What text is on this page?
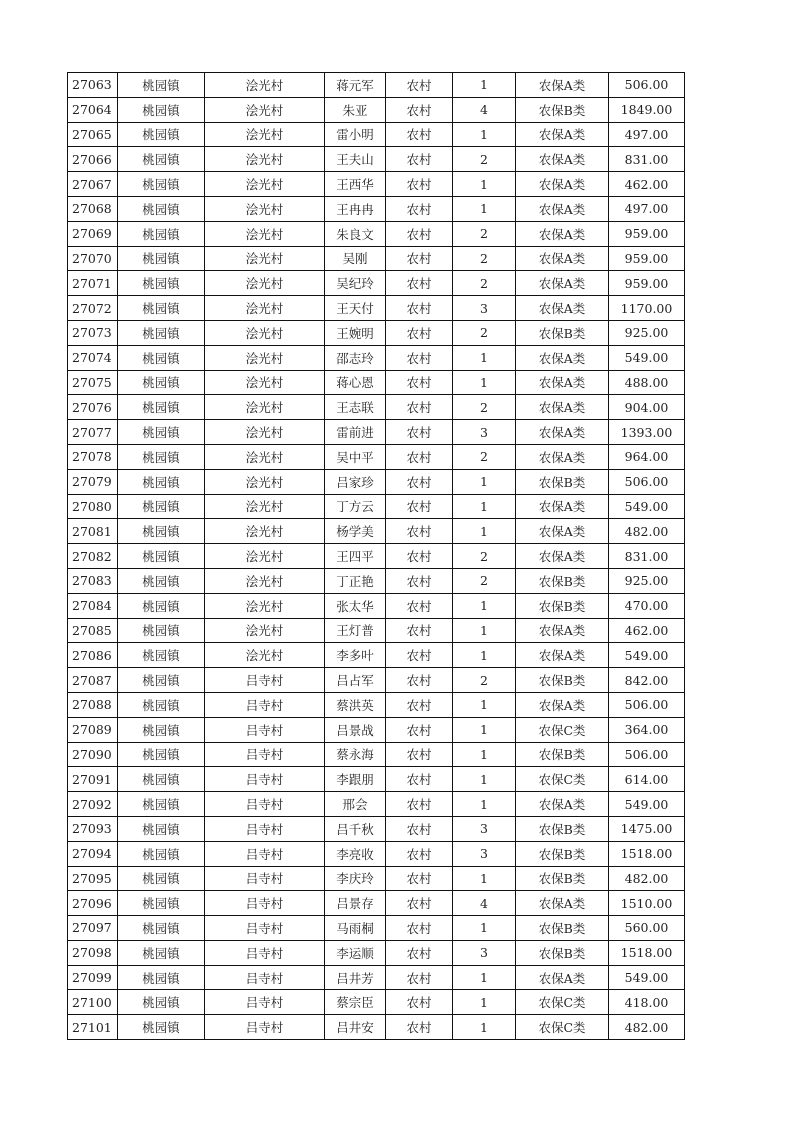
27063	桃园镇	浍光村	蒋元军	农村	1	农保A类	506.00
27064	桃园镇	浍光村	朱亚	农村	4	农保B类	1849.00
27065	桃园镇	浍光村	雷小明	农村	1	农保A类	497.00
27066	桃园镇	浍光村	王夫山	农村	2	农保A类	831.00
27067	桃园镇	浍光村	王西华	农村	1	农保A类	462.00
27068	桃园镇	浍光村	王冉冉	农村	1	农保A类	497.00
27069	桃园镇	浍光村	朱良文	农村	2	农保A类	959.00
27070	桃园镇	浍光村	吴刚	农村	2	农保A类	959.00
27071	桃园镇	浍光村	吴纪玲	农村	2	农保A类	959.00
27072	桃园镇	浍光村	王天付	农村	3	农保A类	1170.00
27073	桃园镇	浍光村	王婉明	农村	2	农保B类	925.00
27074	桃园镇	浍光村	邵志玲	农村	1	农保A类	549.00
27075	桃园镇	浍光村	蒋心恩	农村	1	农保A类	488.00
27076	桃园镇	浍光村	王志联	农村	2	农保A类	904.00
27077	桃园镇	浍光村	雷前进	农村	3	农保A类	1393.00
27078	桃园镇	浍光村	吴中平	农村	2	农保A类	964.00
27079	桃园镇	浍光村	吕家珍	农村	1	农保B类	506.00
27080	桃园镇	浍光村	丁方云	农村	1	农保A类	549.00
27081	桃园镇	浍光村	杨学美	农村	1	农保A类	482.00
27082	桃园镇	浍光村	王四平	农村	2	农保A类	831.00
27083	桃园镇	浍光村	丁正艳	农村	2	农保B类	925.00
27084	桃园镇	浍光村	张太华	农村	1	农保B类	470.00
27085	桃园镇	浍光村	王灯普	农村	1	农保A类	462.00
27086	桃园镇	浍光村	李多叶	农村	1	农保A类	549.00
27087	桃园镇	吕寺村	吕占军	农村	2	农保B类	842.00
27088	桃园镇	吕寺村	蔡洪英	农村	1	农保A类	506.00
27089	桃园镇	吕寺村	吕景战	农村	1	农保C类	364.00
27090	桃园镇	吕寺村	蔡永海	农村	1	农保B类	506.00
27091	桃园镇	吕寺村	李跟朋	农村	1	农保C类	614.00
27092	桃园镇	吕寺村	邢会	农村	1	农保A类	549.00
27093	桃园镇	吕寺村	吕千秋	农村	3	农保B类	1475.00
27094	桃园镇	吕寺村	李亮收	农村	3	农保B类	1518.00
27095	桃园镇	吕寺村	李庆玲	农村	1	农保B类	482.00
27096	桃园镇	吕寺村	吕景存	农村	4	农保A类	1510.00
27097	桃园镇	吕寺村	马雨桐	农村	1	农保B类	560.00
27098	桃园镇	吕寺村	李运顺	农村	3	农保B类	1518.00
27099	桃园镇	吕寺村	吕井芳	农村	1	农保A类	549.00
27100	桃园镇	吕寺村	蔡宗臣	农村	1	农保C类	418.00
27101	桃园镇	吕寺村	吕井安	农村	1	农保C类	482.00
